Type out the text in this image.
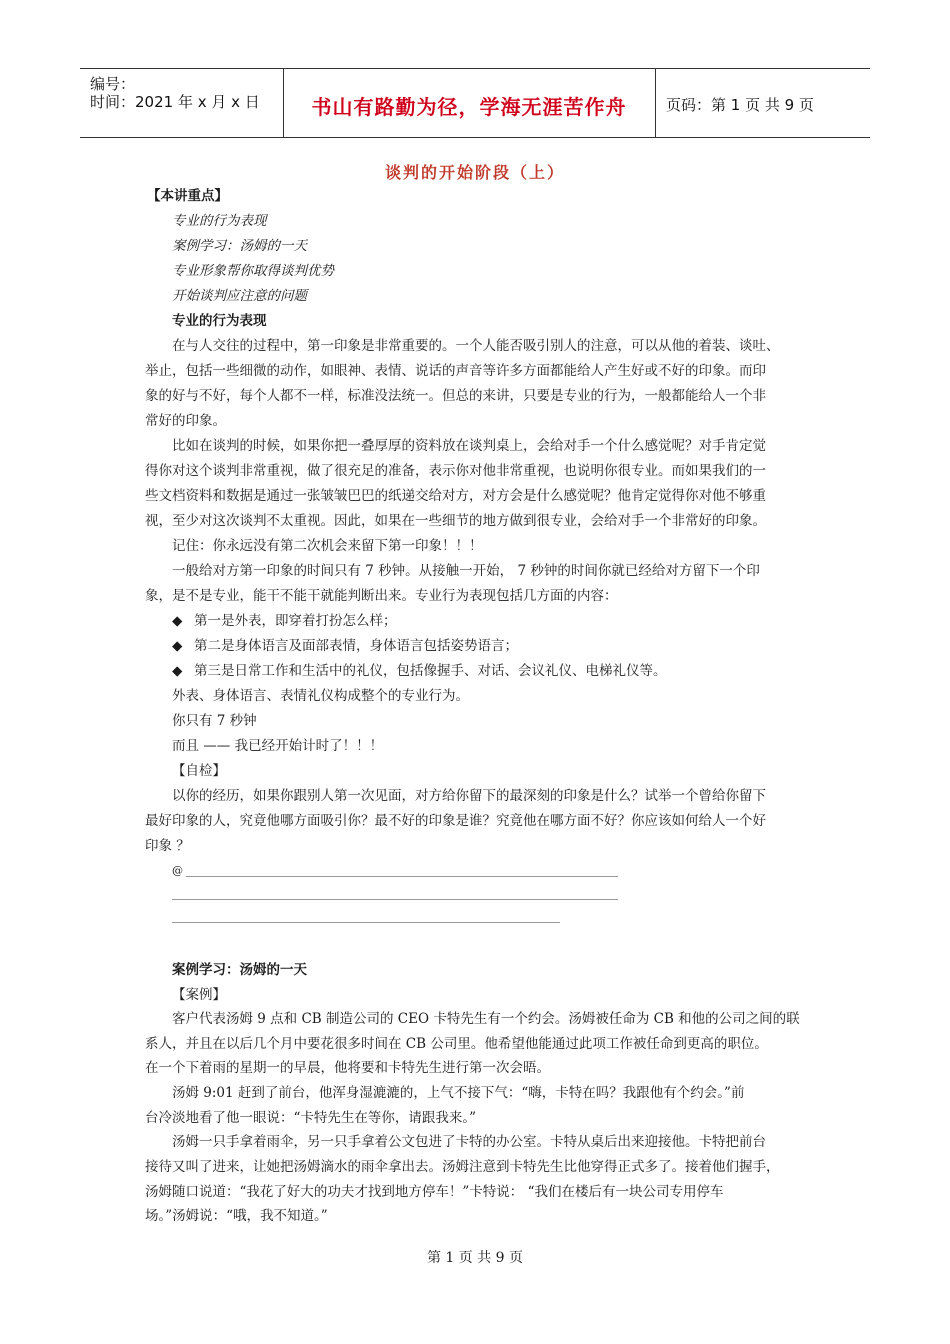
编号：
时间：2021 年 x 月 x 日	书山有路勤为径，学海无涯苦作舟	页码：第 1 页 共 9 页
谈判的开始阶段（上）
【本讲重点】
专业的行为表现
案例学习：汤姆的一天
专业形象帮你取得谈判优势
开始谈判应注意的问题
专业的行为表现
在与人交往的过程中，第一印象是非常重要的。一个人能否吸引别人的注意，可以从他的着装、谈吐、
举止，包括一些细微的动作，如眼神、表情、说话的声音等许多方面都能给人产生好或不好的印象。而印
象的好与不好，每个人都不一样，标准没法统一。但总的来讲，只要是专业的行为，一般都能给人一个非
常好的印象。
比如在谈判的时候，如果你把一叠厚厚的资料放在谈判桌上，会给对手一个什么感觉呢？对手肯定觉
得你对这个谈判非常重视，做了很充足的准备，表示你对他非常重视，也说明你很专业。而如果我们的一
些文档资料和数据是通过一张皱皱巴巴的纸递交给对方，对方会是什么感觉呢？他肯定觉得你对他不够重
视，至少对这次谈判不太重视。因此，如果在一些细节的地方做到很专业，会给对手一个非常好的印象。
记住：你永远没有第二次机会来留下第一印象！！！
一般给对方第一印象的时间只有 7 秒钟。从接触一开始， 7 秒钟的时间你就已经给对方留下一个印
象，是不是专业，能干不能干就能判断出来。专业行为表现包括几方面的内容：
◆ 第一是外表，即穿着打扮怎么样；
◆ 第二是身体语言及面部表情，身体语言包括姿势语言；
◆ 第三是日常工作和生活中的礼仪，包括像握手、对话、会议礼仪、电梯礼仪等。
外表、身体语言、表情礼仪构成整个的专业行为。
你只有 7 秒钟
而且 —— 我已经开始计时了！！！
【自检】
以你的经历，如果你跟别人第一次见面，对方给你留下的最深刻的印象是什么？试举一个曾给你留下
最好印象的人，究竟他哪方面吸引你？最不好的印象是谁？究竟他在哪方面不好？你应该如何给人一个好
印象 ？
@
案例学习：汤姆的一天
【案例】
客户代表汤姆 9 点和 CB 制造公司的 CEO 卡特先生有一个约会。汤姆被任命为 CB 和他的公司之间的联
系人，并且在以后几个月中要花很多时间在 CB 公司里。他希望他能通过此项工作被任命到更高的职位。
在一个下着雨的星期一的早晨，他将要和卡特先生进行第一次会晤。
汤姆 9:01 赶到了前台，他浑身湿漉漉的，上气不接下气：“嗨，卡特在吗？我跟他有个约会。”前
台冷淡地看了他一眼说：“卡特先生在等你，请跟我来。”
汤姆一只手拿着雨伞，另一只手拿着公文包进了卡特的办公室。卡特从桌后出来迎接他。卡特把前台
接待又叫了进来，让她把汤姆滴水的雨伞拿出去。汤姆注意到卡特先生比他穿得正式多了。接着他们握手，
汤姆随口说道：“我花了好大的功夫才找到地方停车！”卡特说： “我们在楼后有一块公司专用停车
场。”汤姆说：“哦，我不知道。”
第 1 页 共 9 页
